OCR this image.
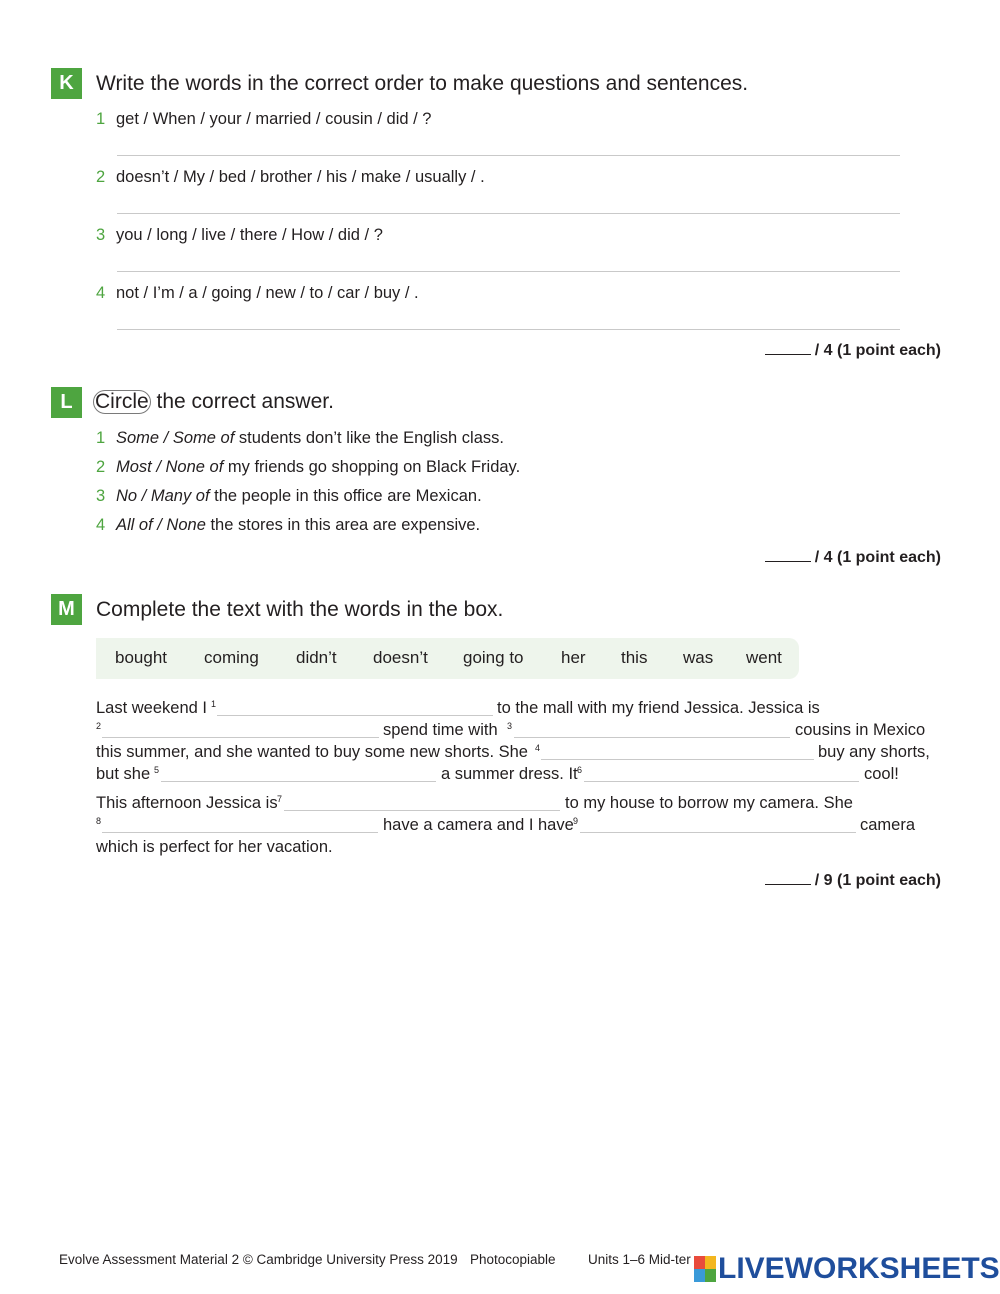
K	Write the words in the correct order to make questions and sentences.
1 get / When / your / married / cousin / did / ?
2 doesn’t / My / bed / brother / his / make / usually / .
3 you / long / live / there / How / did / ?
4 not / I’m / a / going / new / to / car / buy / .
/ 4 (1 point each)
L	Circle the correct answer.
1 Some / Some of students don’t like the English class.
2 Most / None of my friends go shopping on Black Friday.
3 No / Many of the people in this office are Mexican.
4 All of / None the stores in this area are expensive.
/ 4 (1 point each)
M	Complete the text with the words in the box.
bought coming didn’t doesn’t going to her this was went
Last weekend I 1	to the mall with my friend Jessica. Jessica is
2	spend time with 3	cousins in Mexico
this summer, and she wanted to buy some new shorts. She 4	buy any shorts,
but she 5	a summer dress. It 6	cool!
This afternoon Jessica is 7	to my house to borrow my camera. She
8	have a camera and I have 9	camera
which is perfect for her vacation.
/ 9 (1 point each)
Evolve Assessment Material 2 © Cambridge University Press 2019 Photocopiable Units 1–6 Mid-ter LIVEWORKSHEETS
